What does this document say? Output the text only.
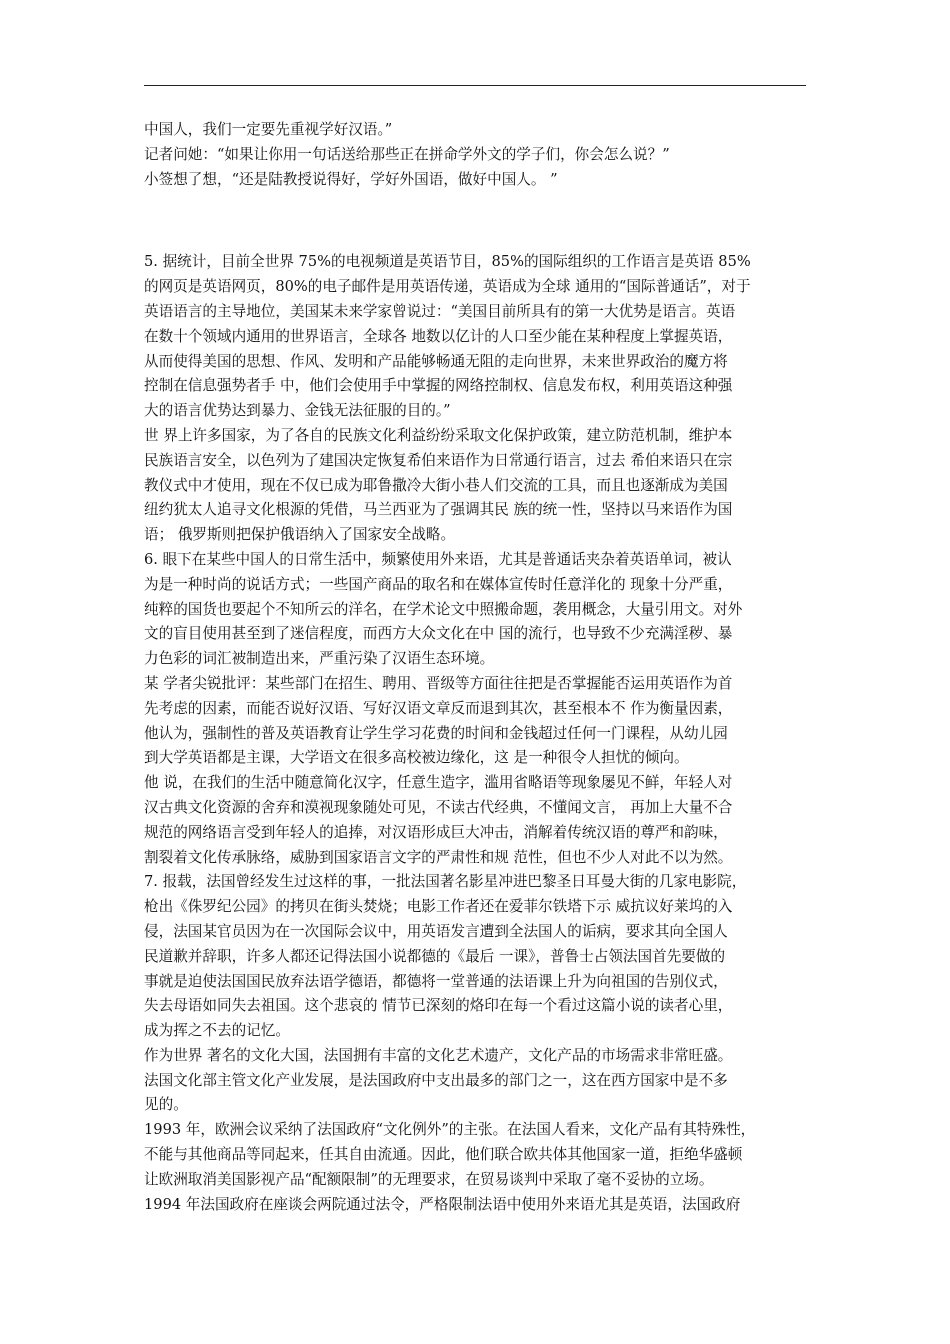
中国人，我们一定要先重视学好汉语。”
记者问她：“如果让你用一句话送给那些正在拼命学外文的学子们，你会怎么说？”
小签想了想，“还是陆教授说得好，学好外国语，做好中国人。 ”
5. 据统计，目前全世界 75%的电视频道是英语节目，85%的国际组织的工作语言是英语 85%
的网页是英语网页，80%的电子邮件是用英语传递，英语成为全球 通用的“国际普通话”，对于
英语语言的主导地位，美国某未来学家曾说过：“美国目前所具有的第一大优势是语言。英语
在数十个领域内通用的世界语言，全球各 地数以亿计的人口至少能在某种程度上掌握英语，
从而使得美国的思想、作风、发明和产品能够畅通无阻的走向世界，未来世界政治的魔方将
控制在信息强势者手 中，他们会使用手中掌握的网络控制权、信息发布权，利用英语这种强
大的语言优势达到暴力、金钱无法征服的目的。”
世 界上许多国家，为了各自的民族文化利益纷纷采取文化保护政策，建立防范机制，维护本
民族语言安全，以色列为了建国决定恢复希伯来语作为日常通行语言，过去 希伯来语只在宗
教仪式中才使用，现在不仅已成为耶鲁撒冷大街小巷人们交流的工具，而且也逐渐成为美国
纽约犹太人追寻文化根源的凭借，马兰西亚为了强调其民 族的统一性，坚持以马来语作为国
语； 俄罗斯则把保护俄语纳入了国家安全战略。
6. 眼下在某些中国人的日常生活中，频繁使用外来语，尤其是普通话夹杂着英语单词，被认
为是一种时尚的说话方式；一些国产商品的取名和在媒体宣传时任意洋化的 现象十分严重，
纯粹的国货也要起个不知所云的洋名，在学术论文中照搬命题，袭用概念，大量引用文。对外
文的盲目使用甚至到了迷信程度，而西方大众文化在中 国的流行，也导致不少充满淫秽、暴
力色彩的词汇被制造出来，严重污染了汉语生态环境。
某 学者尖锐批评：某些部门在招生、聘用、晋级等方面往往把是否掌握能否运用英语作为首
先考虑的因素，而能否说好汉语、写好汉语文章反而退到其次，甚至根本不 作为衡量因素，
他认为，强制性的普及英语教育让学生学习花费的时间和金钱超过任何一门课程，从幼儿园
到大学英语都是主课，大学语文在很多高校被边缘化，这 是一种很令人担忧的倾向。
他 说，在我们的生活中随意简化汉字，任意生造字，滥用省略语等现象屡见不鲜，年轻人对
汉古典文化资源的舍弃和漠视现象随处可见，不读古代经典，不懂闻文言， 再加上大量不合
规范的网络语言受到年轻人的追捧，对汉语形成巨大冲击，消解着传统汉语的尊严和韵味，
割裂着文化传承脉络，威胁到国家语言文字的严肃性和规 范性，但也不少人对此不以为然。
7. 报载，法国曾经发生过这样的事，一批法国著名影星冲进巴黎圣日耳曼大街的几家电影院，
枪出《侏罗纪公园》的拷贝在街头焚烧；电影工作者还在爱菲尔铁塔下示 威抗议好莱坞的入
侵，法国某官员因为在一次国际会议中，用英语发言遭到全法国人的诟病，要求其向全国人
民道歉并辞职，许多人都还记得法国小说都德的《最后 一课》，普鲁士占领法国首先要做的
事就是迫使法国国民放弃法语学德语，都德将一堂普通的法语课上升为向祖国的告别仪式，
失去母语如同失去祖国。这个悲哀的 情节已深刻的烙印在每一个看过这篇小说的读者心里，
成为挥之不去的记忆。
作为世界 著名的文化大国，法国拥有丰富的文化艺术遗产，文化产品的市场需求非常旺盛。
法国文化部主管文化产业发展，是法国政府中支出最多的部门之一，这在西方国家中是不多
见的。
1993 年，欧洲会议采纳了法国政府“文化例外”的主张。在法国人看来，文化产品有其特殊性，
不能与其他商品等同起来，任其自由流通。因此，他们联合欧共体其他国家一道，拒绝华盛顿
让欧洲取消美国影视产品“配额限制”的无理要求，在贸易谈判中采取了毫不妥协的立场。
1994 年法国政府在座谈会两院通过法令，严格限制法语中使用外来语尤其是英语，法国政府
